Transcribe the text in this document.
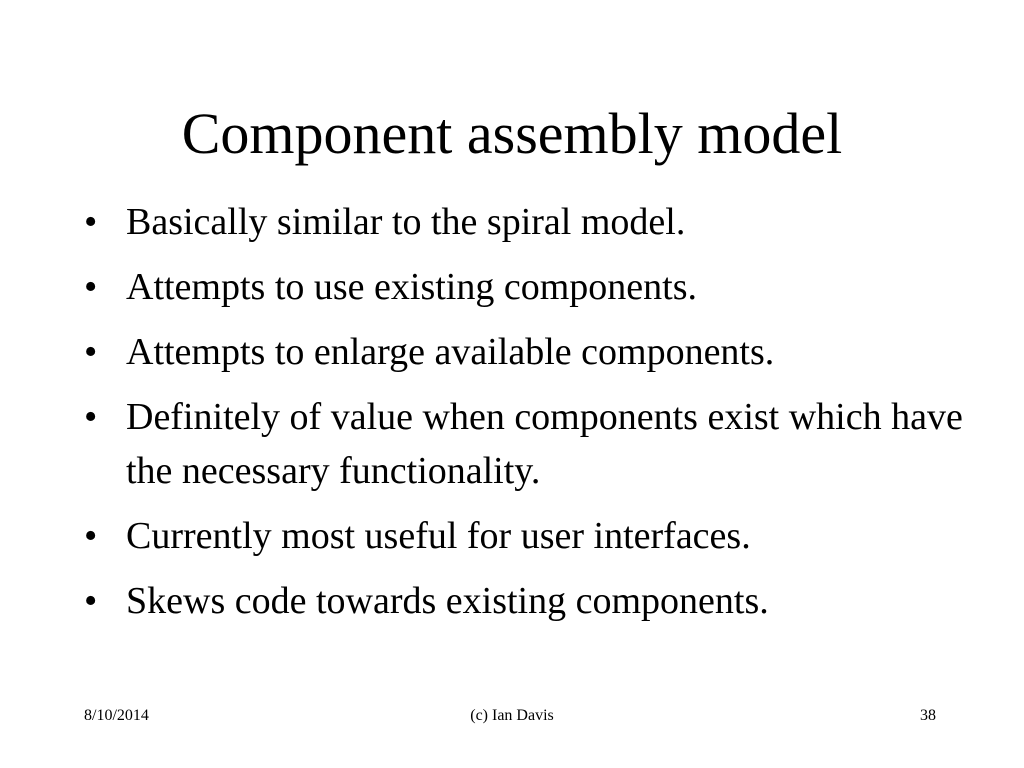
Component assembly model
• Basically similar to the spiral model.
• Attempts to use existing components.
• Attempts to enlarge available components.
• Definitely of value when components exist which have the necessary functionality.
• Currently most useful for user interfaces.
• Skews code towards existing components.
8/10/2014	(c) Ian Davis	38
